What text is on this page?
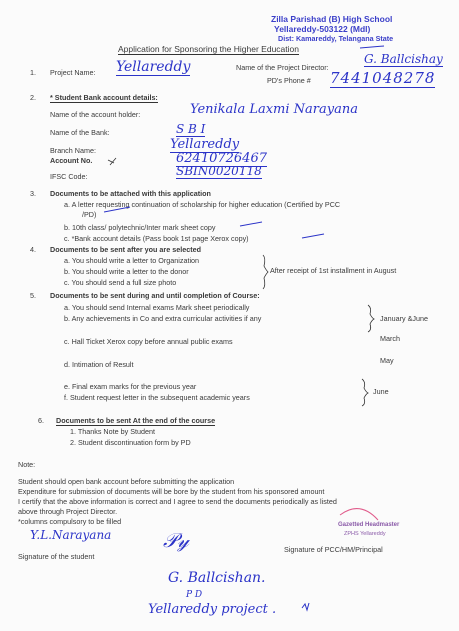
Zilla Parishad (B) High School
Yellareddy-503122 (Mdl)
Dist: Kamareddy, Telangana State
Application for Sponsoring the Higher Education
1. Project Name: Yellareddy	Name of the Project Director:
G. Ballcishay
PD's Phone # 7441048278
2. * Student Bank account details:
Name of the account holder:	Yenikala Laxmi Narayana
Name of the Bank:	S B I
Branch Name:	Yellareddy
Account No.	62410726467
IFSC Code:	SBIN0020118
3. Documents to be attached with this application
a. A letter requesting continuation of scholarship for higher education (Certified by PCC
/PD)
b. 10th class/ polytechnic/Inter mark sheet copy
c. *Bank account details (Pass book 1st page Xerox copy)
4. Documents to be sent after you are selected
a. You should write a letter to Organization
b. You should write a letter to the donor
c. You should send a full size photo
After receipt of 1st installment in August
5. Documents to be sent during and until completion of Course:
a. You should send Internal exams Mark sheet periodically
b. Any achievements in Co and extra curricular activities if any	January &June
c. Hall Ticket Xerox copy before annual public exams	March
d. Intimation of Result	May
e. Final exam marks for the previous year
f. Student request letter in the subsequent academic years
June
6. Documents to be sent At the end of the course
1. Thanks Note by Student
2. Student discontinuation form by PD
Note:
Student should open bank account before submitting the application
Expenditure for submission of documents will be bore by the student from his sponsored amount
I certify that the above information is correct and I agree to send the documents periodically as listed
above through Project Director.
*columns compulsory to be filled
Y.L.Narayana
Signature of the student
𝒫𝓎
Gazetted Headmaster
ZPHS Yellareddy
Signature of PCC/HM/Principal
G. Ballcishan.
P D
Yellareddy project .
